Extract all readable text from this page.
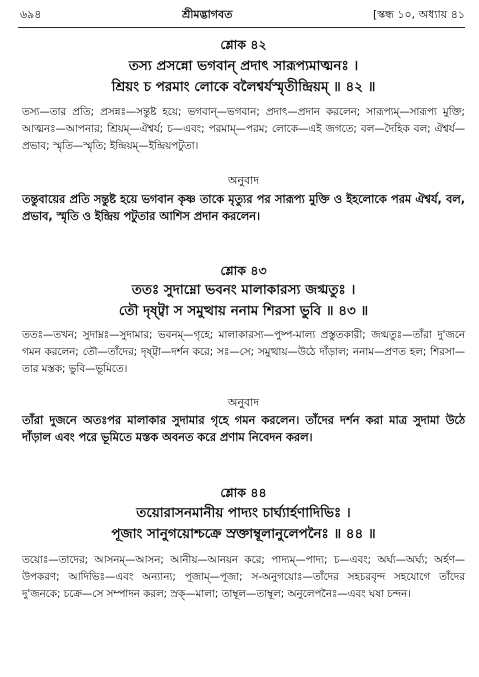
৬৯৪	শ্রীমদ্ভাগবত	[স্কন্ধ ১০, অধ্যায় ৪১
শ্লোক ৪২
তস্য প্রসন্নো ভগবান্ প্রদাৎ সারূপ্যমাত্মনঃ ।
শ্রিয়ং চ পরমাং লোকে বলৈশ্বর্যস্মৃতীন্দ্রিয়ম্ ॥ ৪২ ॥
তস্য—তার প্রতি; প্রসন্নঃ—সন্তুষ্ট হয়ে; ভগবান্—ভগবান; প্রদাৎ—প্রদান করলেন; সারূপ্যম্—সারূপ্য মুক্তি; আত্মনঃ—আপনার; শ্রিয়ম্—ঐশ্বর্য; চ—এবং; পরমাম্—পরম; লোকে—এই জগতে; বল—দৈহিক বল; ঐশ্বর্য—প্রভাব; স্মৃতি—স্মৃতি; ইন্দ্রিয়ম্—ইন্দ্রিয়পটুতা।
অনুবাদ
তন্তুবায়ের প্রতি সন্তুষ্ট হয়ে ভগবান কৃষ্ণ তাকে মৃত্যুর পর সারূপ্য মুক্তি ও ইহলোকে পরম ঐশ্বর্য, বল, প্রভাব, স্মৃতি ও ইন্দ্রিয় পটুতার আশিস প্রদান করলেন।
শ্লোক ৪৩
ততঃ সুদাম্নো ভবনং মালাকারস্য জগ্মতুঃ ।
তৌ দৃষ্ট্বা স সমুত্থায় ননাম শিরসা ভুবি ॥ ৪৩ ॥
ততঃ—তখন; সুদাম্নঃ—সুদামার; ভবনম্—গৃহে; মালাকারস্য—পুষ্প-মাল্য প্রস্তুতকারী; জগ্মতুঃ—তাঁরা দু'জনে গমন করলেন; তৌ—তাঁদের; দৃষ্ট্বা—দর্শন করে; সঃ—সে; সমুত্থায়—উঠে দাঁড়াল; ননাম—প্রণত হল; শিরসা—তার মস্তক; ভুবি—ভূমিতে।
অনুবাদ
তাঁরা দুজনে অতঃপর মালাকার সুদামার গৃহে গমন করলেন। তাঁদের দর্শন করা মাত্র সুদামা উঠে দাঁড়াল এবং পরে ভূমিতে মস্তক অবনত করে প্রণাম নিবেদন করল।
শ্লোক ৪৪
তয়োরাসনমানীয় পাদ্যং চার্ঘ্যার্হণাদিভিঃ ।
পূজাং সানুগয়োশ্চক্রে স্রক্তাম্বূলানুলেপনৈঃ ॥ ৪৪ ॥
তয়োঃ—তাদের; আসনম্—আসন; আনীয়—আনয়ন করে; পাদ্যম্—পাদ্য; চ—এবং; অর্ঘ্য—অর্ঘ্য; অর্হণ—উপকরণ; আদিভিঃ—এবং অন্যান্য; পূজাম্—পূজা; স-অনুগয়োঃ—তাঁদের সহচরবৃন্দ সহযোগে তাঁদের দু'জনকে; চক্রে—সে সম্পাদন করল; স্রক্—মালা; তাম্বূল—তাম্বূল; অনুলেপনৈঃ—এবং ঘষা চন্দন।
